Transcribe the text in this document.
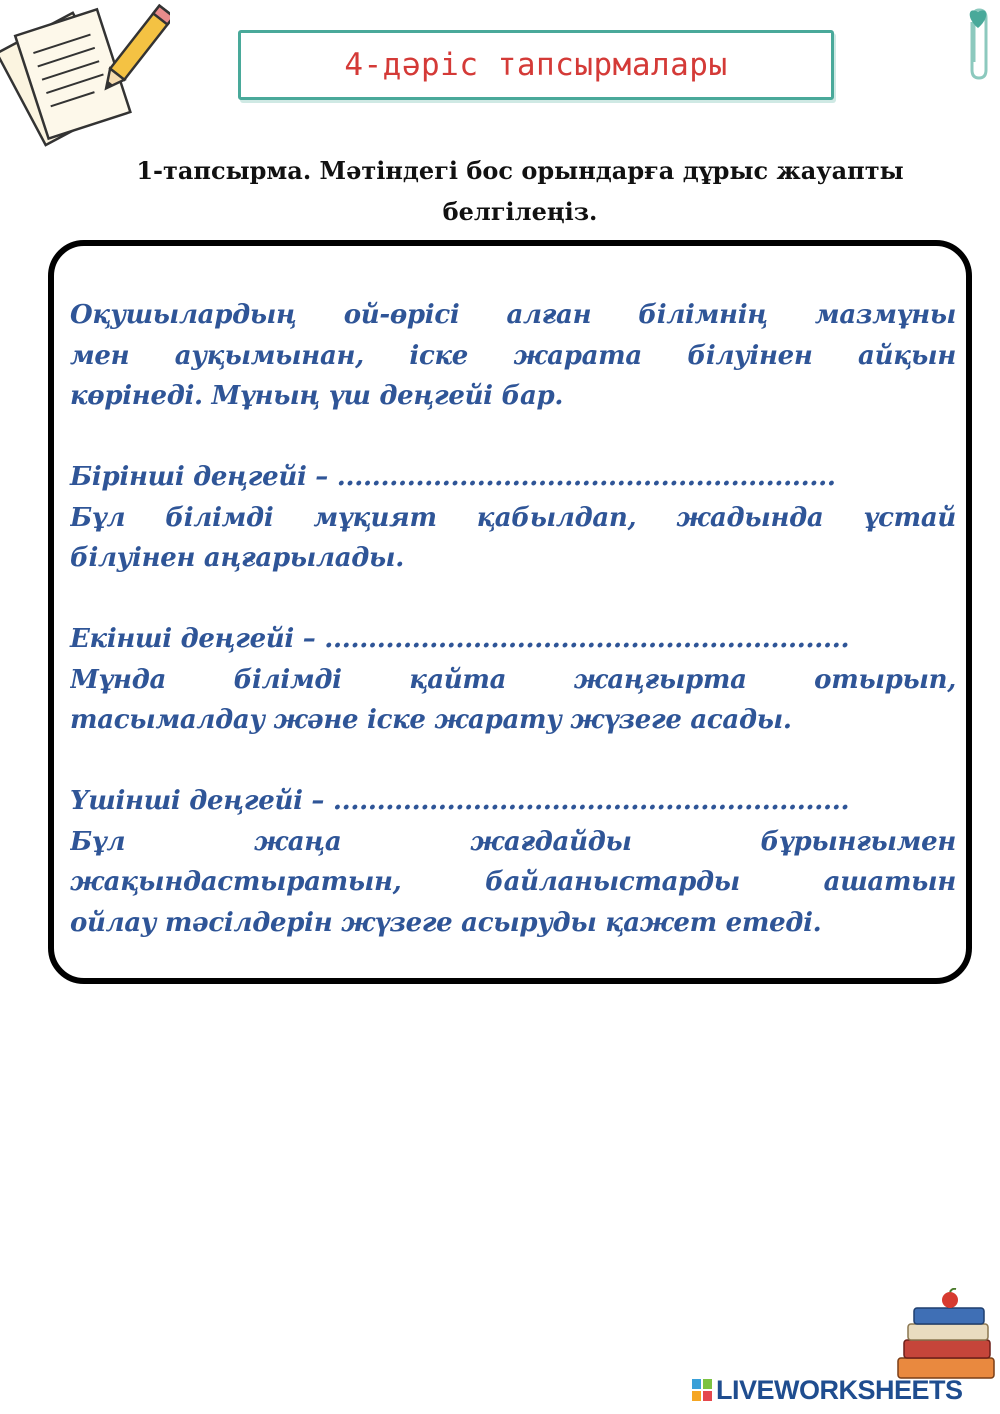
4-дәріс тапсырмалары
1-тапсырма. Мәтіндегі бос орындарға дұрыс жауапты белгілеңіз.
Оқушылардың ой-өрісі алған білімнің мазмұны
мен ауқымынан, іске жарата білуінен айқын
көрінеді. Мұның үш деңгейі бар.
Бірінші деңгейі – .........................................................
Бұл білімді мұқият қабылдап, жадында ұстай
білуінен аңғарылады.
Екінші деңгейі – ............................................................
Мұнда білімді қайта жаңғырта отырып,
тасымалдау және іске жарату жүзеге асады.
Үшінші деңгейі – ...........................................................
Бұл жаңа жағдайды бұрынғымен
жақындастыратын, байланыстарды ашатын
ойлау тәсілдерін жүзеге асыруды қажет етеді.
LIVEWORKSHEETS
